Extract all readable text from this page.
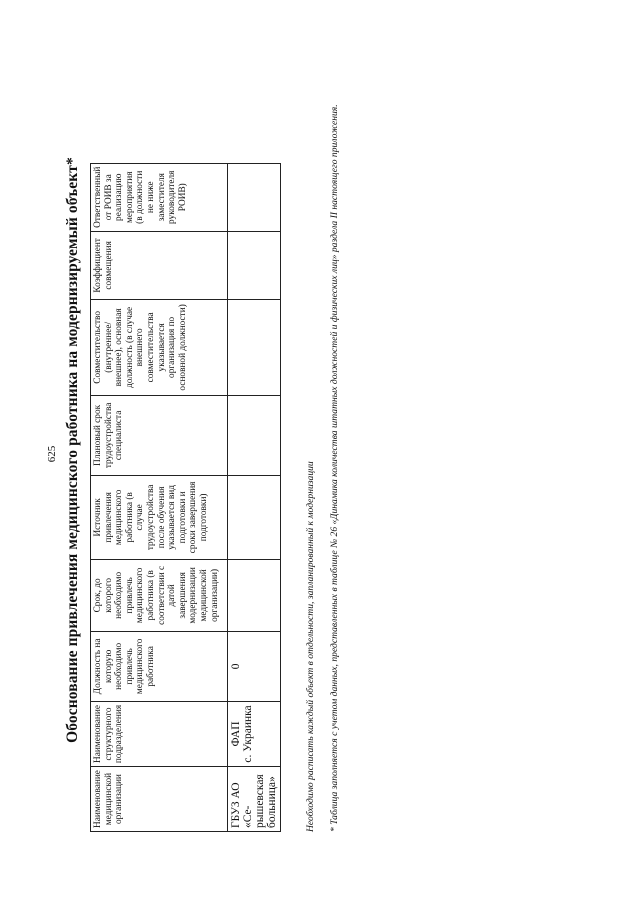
625 Обоснование привлечения медицинского работника на модернизируемый объект*
Наименование медицинской организации	Наименование структурного подразделения	Должность на которую необходимо привлечь медицинского работника	Срок, до которого необходимо привлечь медицинского работника (в соответствии с датой завершения модернизации медицинской организации)	Источник привлечения медицинского работника (в случае трудоустройства после обучения указывается вид подготовки и сроки завершения подготовки)	Плановый срок трудоустройства специалиста	Совместительство (внутреннее/ внешнее), основная должность (в случае внешнего совместительства указывается организация по основной должности)	Коэффициент совмещения	Ответственный от РОИВ за реализацию мероприятия (в должности не ниже заместителя руководителя РОИВ)
ГБУЗ АО «Се- рышевская больница»	ФАП с. Украинка	0							Необходимо расписать каждый объект в отдельности, запланированный к модернизации * Таблица заполняется с учетом данных, представленных в таблице № 26 «Динамика количества штатных должностей и физических лиц» раздела II настоящего приложения.
